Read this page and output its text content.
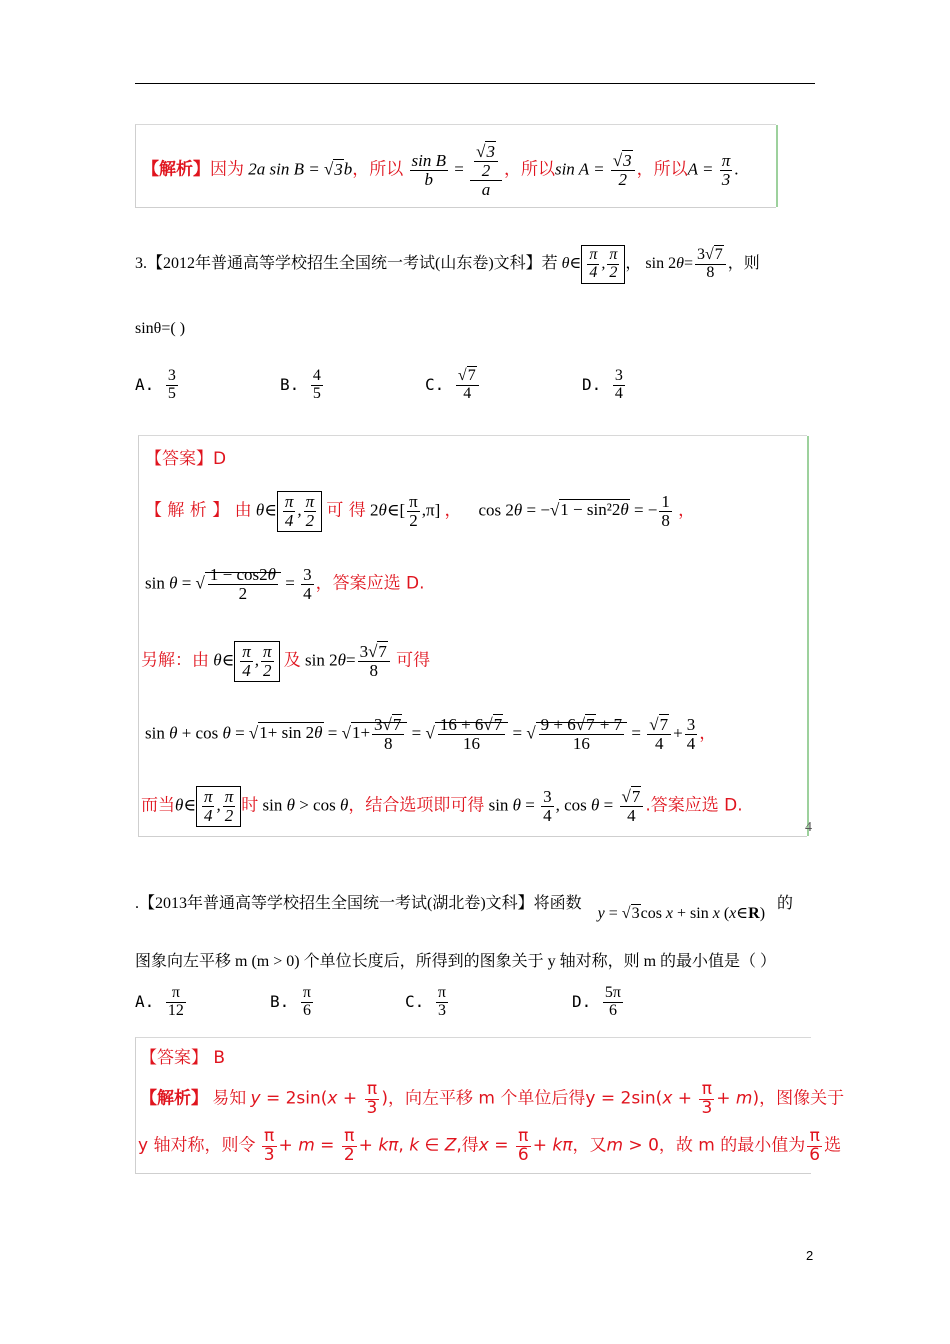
【解析】因为 2a sin B = √3b，所以 $\frac{\text{sin B}}{b} = \frac{\frac{√3}{2}}{a}$ ，所以$\sin A = \frac{√3}{2}$ ，所以$A = \frac{\pi}{3}$ .
3.【2012年普通高等学校招生全国统一考试(山东卷)文科】若 θ∈ $\frac{\pi}{4}$ , $\frac{\pi}{2}$ ， $\sin 2\theta= \frac{3√7}{8}$ ，则
sinθ=( )
A. $\frac{3}{5}$	B. $\frac{4}{5}$	C. $\frac{√7}{4}$	D. $\frac{3}{4}$
【答案】D
【 解 析 】 由 θ∈ $\frac{\pi}{4}$ , $\frac{\pi}{2}$ 可 得 2θ∈[ $\frac{\pi}{2} ,\pi$] ， cos 2θ = −√1 − sin²2θ = − $\frac{1}{8}$ ，
sin θ = √ $\frac{1 - \cos 2\theta}{2} = \frac{3}{4}$ ，答案应选 D.
另解：由 θ∈ $\frac{\pi}{4}$ , $\frac{\pi}{2}$ 及 $\sin 2\theta= \frac{3√7}{8}$ 可得
$\sin \theta + \cos \theta = √1+ \sin 2\theta = √1+ \frac{3√7}{8}$ = √ $\frac{16 + 6√7}{16}$ = √ $\frac{9 + 6√7 + 7}{16} = \frac{√7}{4} + \frac{3}{4}$ ，
而当θ∈ $\frac{\pi}{4}$ , $\frac{\pi}{2}$ 时 sin θ > cos θ，结合选项即可得 $\sin \theta = \frac{3}{4}$ , $\cos \theta = \frac{√7}{4}$ .答案应选 D.
4
.【2013年普通高等学校招生全国统一考试(湖北卷)文科】将函数    y = √3cos x + sin x (x∈R)   的
图象向左平移 m (m > 0) 个单位长度后，所得到的图象关于 y 轴对称，则 m 的最小值是（ ）
A. $\frac{\pi}{12}$	B. $\frac{\pi}{6}$	C. $\frac{\pi}{3}$	D. $\frac{5\pi}{6}$
【答案】 B
【解析】 易知 $y = 2\sin(x + \frac{\pi}{3}$ )，向左平移 m 个单位后得$y = 2\sin(x + \frac{\pi}{3} + m)$，图像关于
y 轴对称，则令 $\frac{\pi}{3} + m = \frac{\pi}{2} + k\pi$, k ∈ Z,得$x = \frac{\pi}{6} + k\pi$，又m > 0，故 m 的最小值为 $\frac{\pi}{6}$ 选
2
